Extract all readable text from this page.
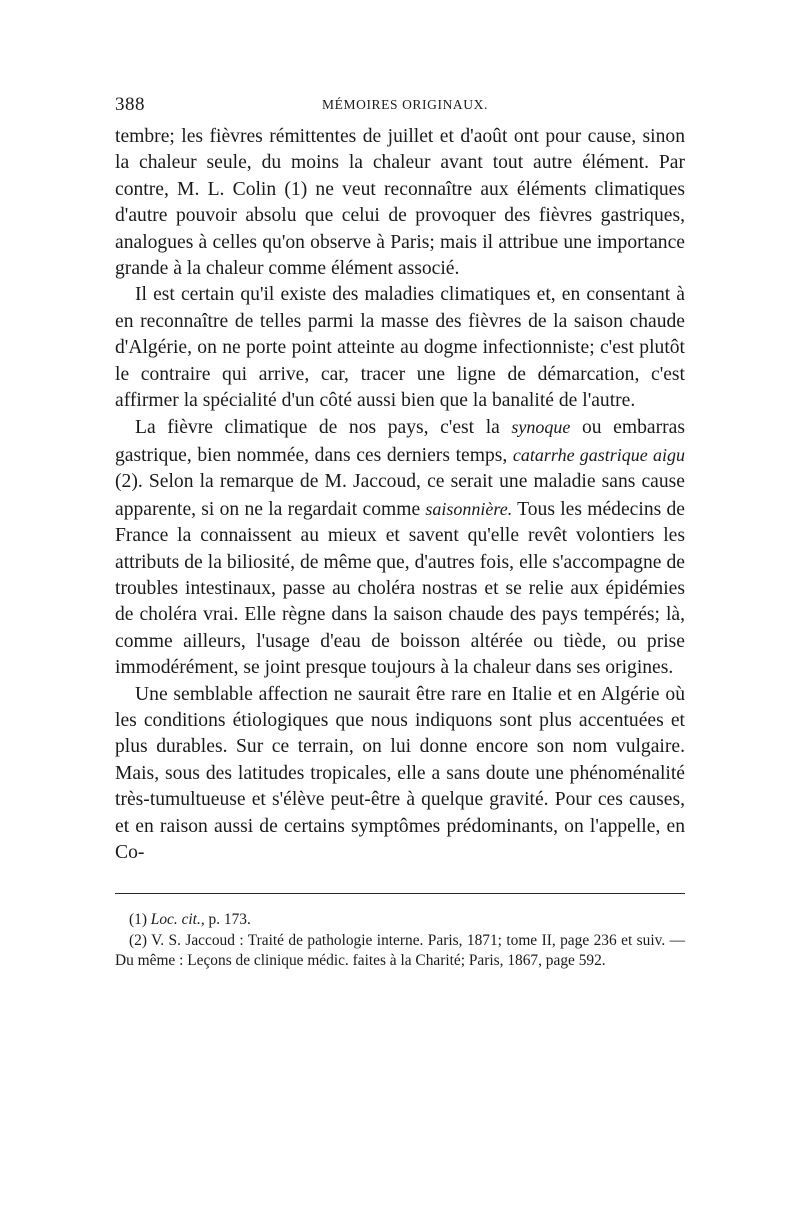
388	MÉMOIRES ORIGINAUX.

tembre; les fièvres rémittentes de juillet et d'août ont pour cause, sinon la chaleur seule, du moins la chaleur avant tout autre élément. Par contre, M. L. Colin (1) ne veut reconnaître aux éléments climatiques d'autre pouvoir absolu que celui de provoquer des fièvres gastriques, analogues à celles qu'on observe à Paris; mais il attribue une importance grande à la chaleur comme élément associé.

Il est certain qu'il existe des maladies climatiques et, en consentant à en reconnaître de telles parmi la masse des fièvres de la saison chaude d'Algérie, on ne porte point atteinte au dogme infectionniste; c'est plutôt le contraire qui arrive, car, tracer une ligne de démarcation, c'est affirmer la spécialité d'un côté aussi bien que la banalité de l'autre.

La fièvre climatique de nos pays, c'est la synoque ou embarras gastrique, bien nommée, dans ces derniers temps, catarrhe gastrique aigu (2). Selon la remarque de M. Jaccoud, ce serait une maladie sans cause apparente, si on ne la regardait comme saisonnière. Tous les médecins de France la connaissent au mieux et savent qu'elle revêt volontiers les attributs de la biliosité, de même que, d'autres fois, elle s'accompagne de troubles intestinaux, passe au choléra nostras et se relie aux épidémies de choléra vrai. Elle règne dans la saison chaude des pays tempérés; là, comme ailleurs, l'usage d'eau de boisson altérée ou tiède, ou prise immodérément, se joint presque toujours à la chaleur dans ses origines.

Une semblable affection ne saurait être rare en Italie et en Algérie où les conditions étiologiques que nous indiquons sont plus accentuées et plus durables. Sur ce terrain, on lui donne encore son nom vulgaire. Mais, sous des latitudes tropicales, elle a sans doute une phénoménalité très-tumultueuse et s'élève peut-être à quelque gravité. Pour ces causes, et en raison aussi de certains symptômes prédominants, on l'appelle, en Co-

(1) Loc. cit., p. 173.

(2) V. S. Jaccoud : Traité de pathologie interne. Paris, 1871; tome II, page 236 et suiv. — Du même : Leçons de clinique médic. faites à la Charité; Paris, 1867, page 592.
